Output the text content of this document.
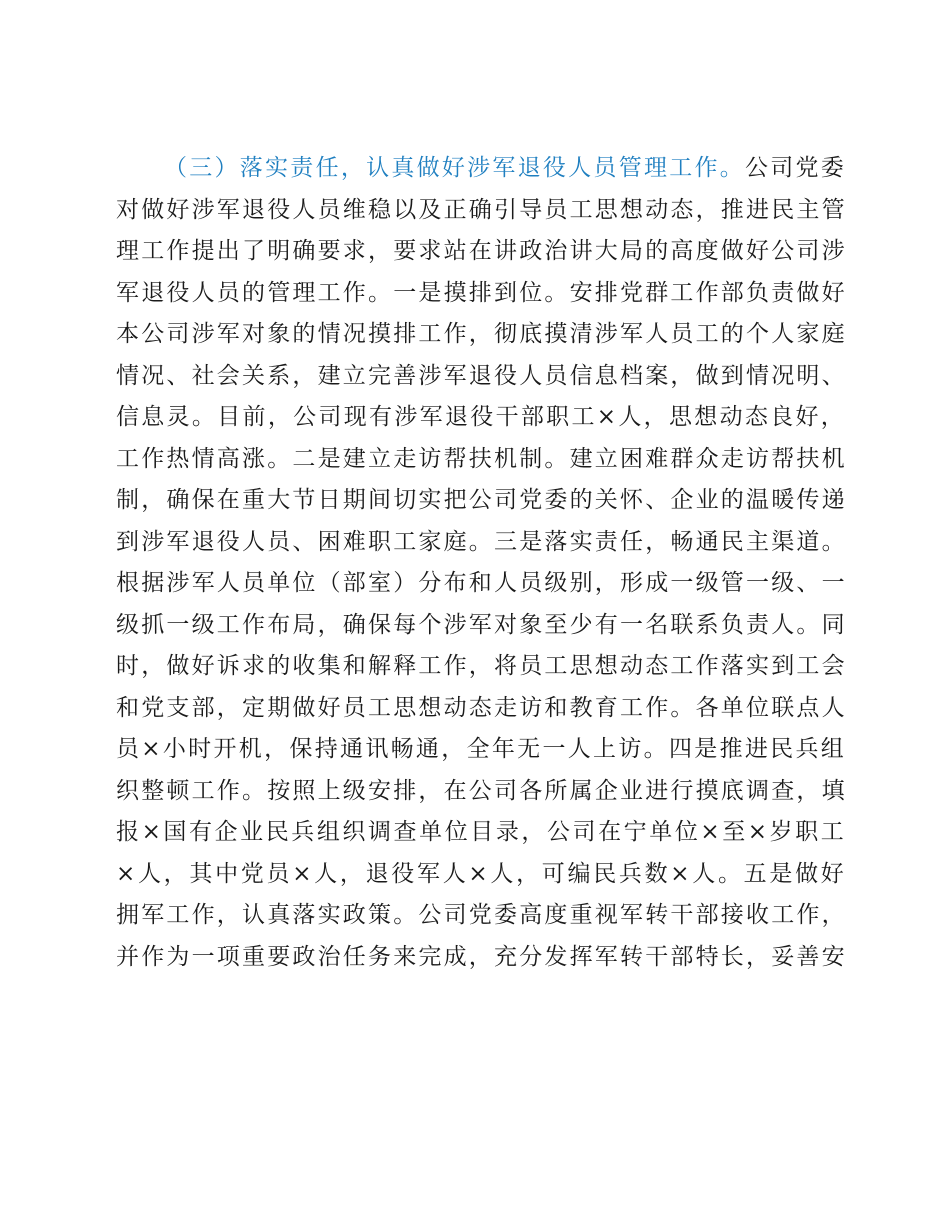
（三）落实责任，认真做好涉军退役人员管理工作。公司党委
对做好涉军退役人员维稳以及正确引导员工思想动态，推进民主管
理工作提出了明确要求，要求站在讲政治讲大局的高度做好公司涉
军退役人员的管理工作。一是摸排到位。安排党群工作部负责做好
本公司涉军对象的情况摸排工作，彻底摸清涉军人员工的个人家庭
情况、社会关系，建立完善涉军退役人员信息档案，做到情况明、
信息灵。目前，公司现有涉军退役干部职工×人，思想动态良好，
工作热情高涨。二是建立走访帮扶机制。建立困难群众走访帮扶机
制，确保在重大节日期间切实把公司党委的关怀、企业的温暖传递
到涉军退役人员、困难职工家庭。三是落实责任，畅通民主渠道。
根据涉军人员单位（部室）分布和人员级别，形成一级管一级、一
级抓一级工作布局，确保每个涉军对象至少有一名联系负责人。同
时，做好诉求的收集和解释工作，将员工思想动态工作落实到工会
和党支部，定期做好员工思想动态走访和教育工作。各单位联点人
员×小时开机，保持通讯畅通，全年无一人上访。四是推进民兵组
织整顿工作。按照上级安排，在公司各所属企业进行摸底调查，填
报×国有企业民兵组织调查单位目录，公司在宁单位×至×岁职工
×人，其中党员×人，退役军人×人，可编民兵数×人。五是做好
拥军工作，认真落实政策。公司党委高度重视军转干部接收工作，
并作为一项重要政治任务来完成，充分发挥军转干部特长，妥善安
